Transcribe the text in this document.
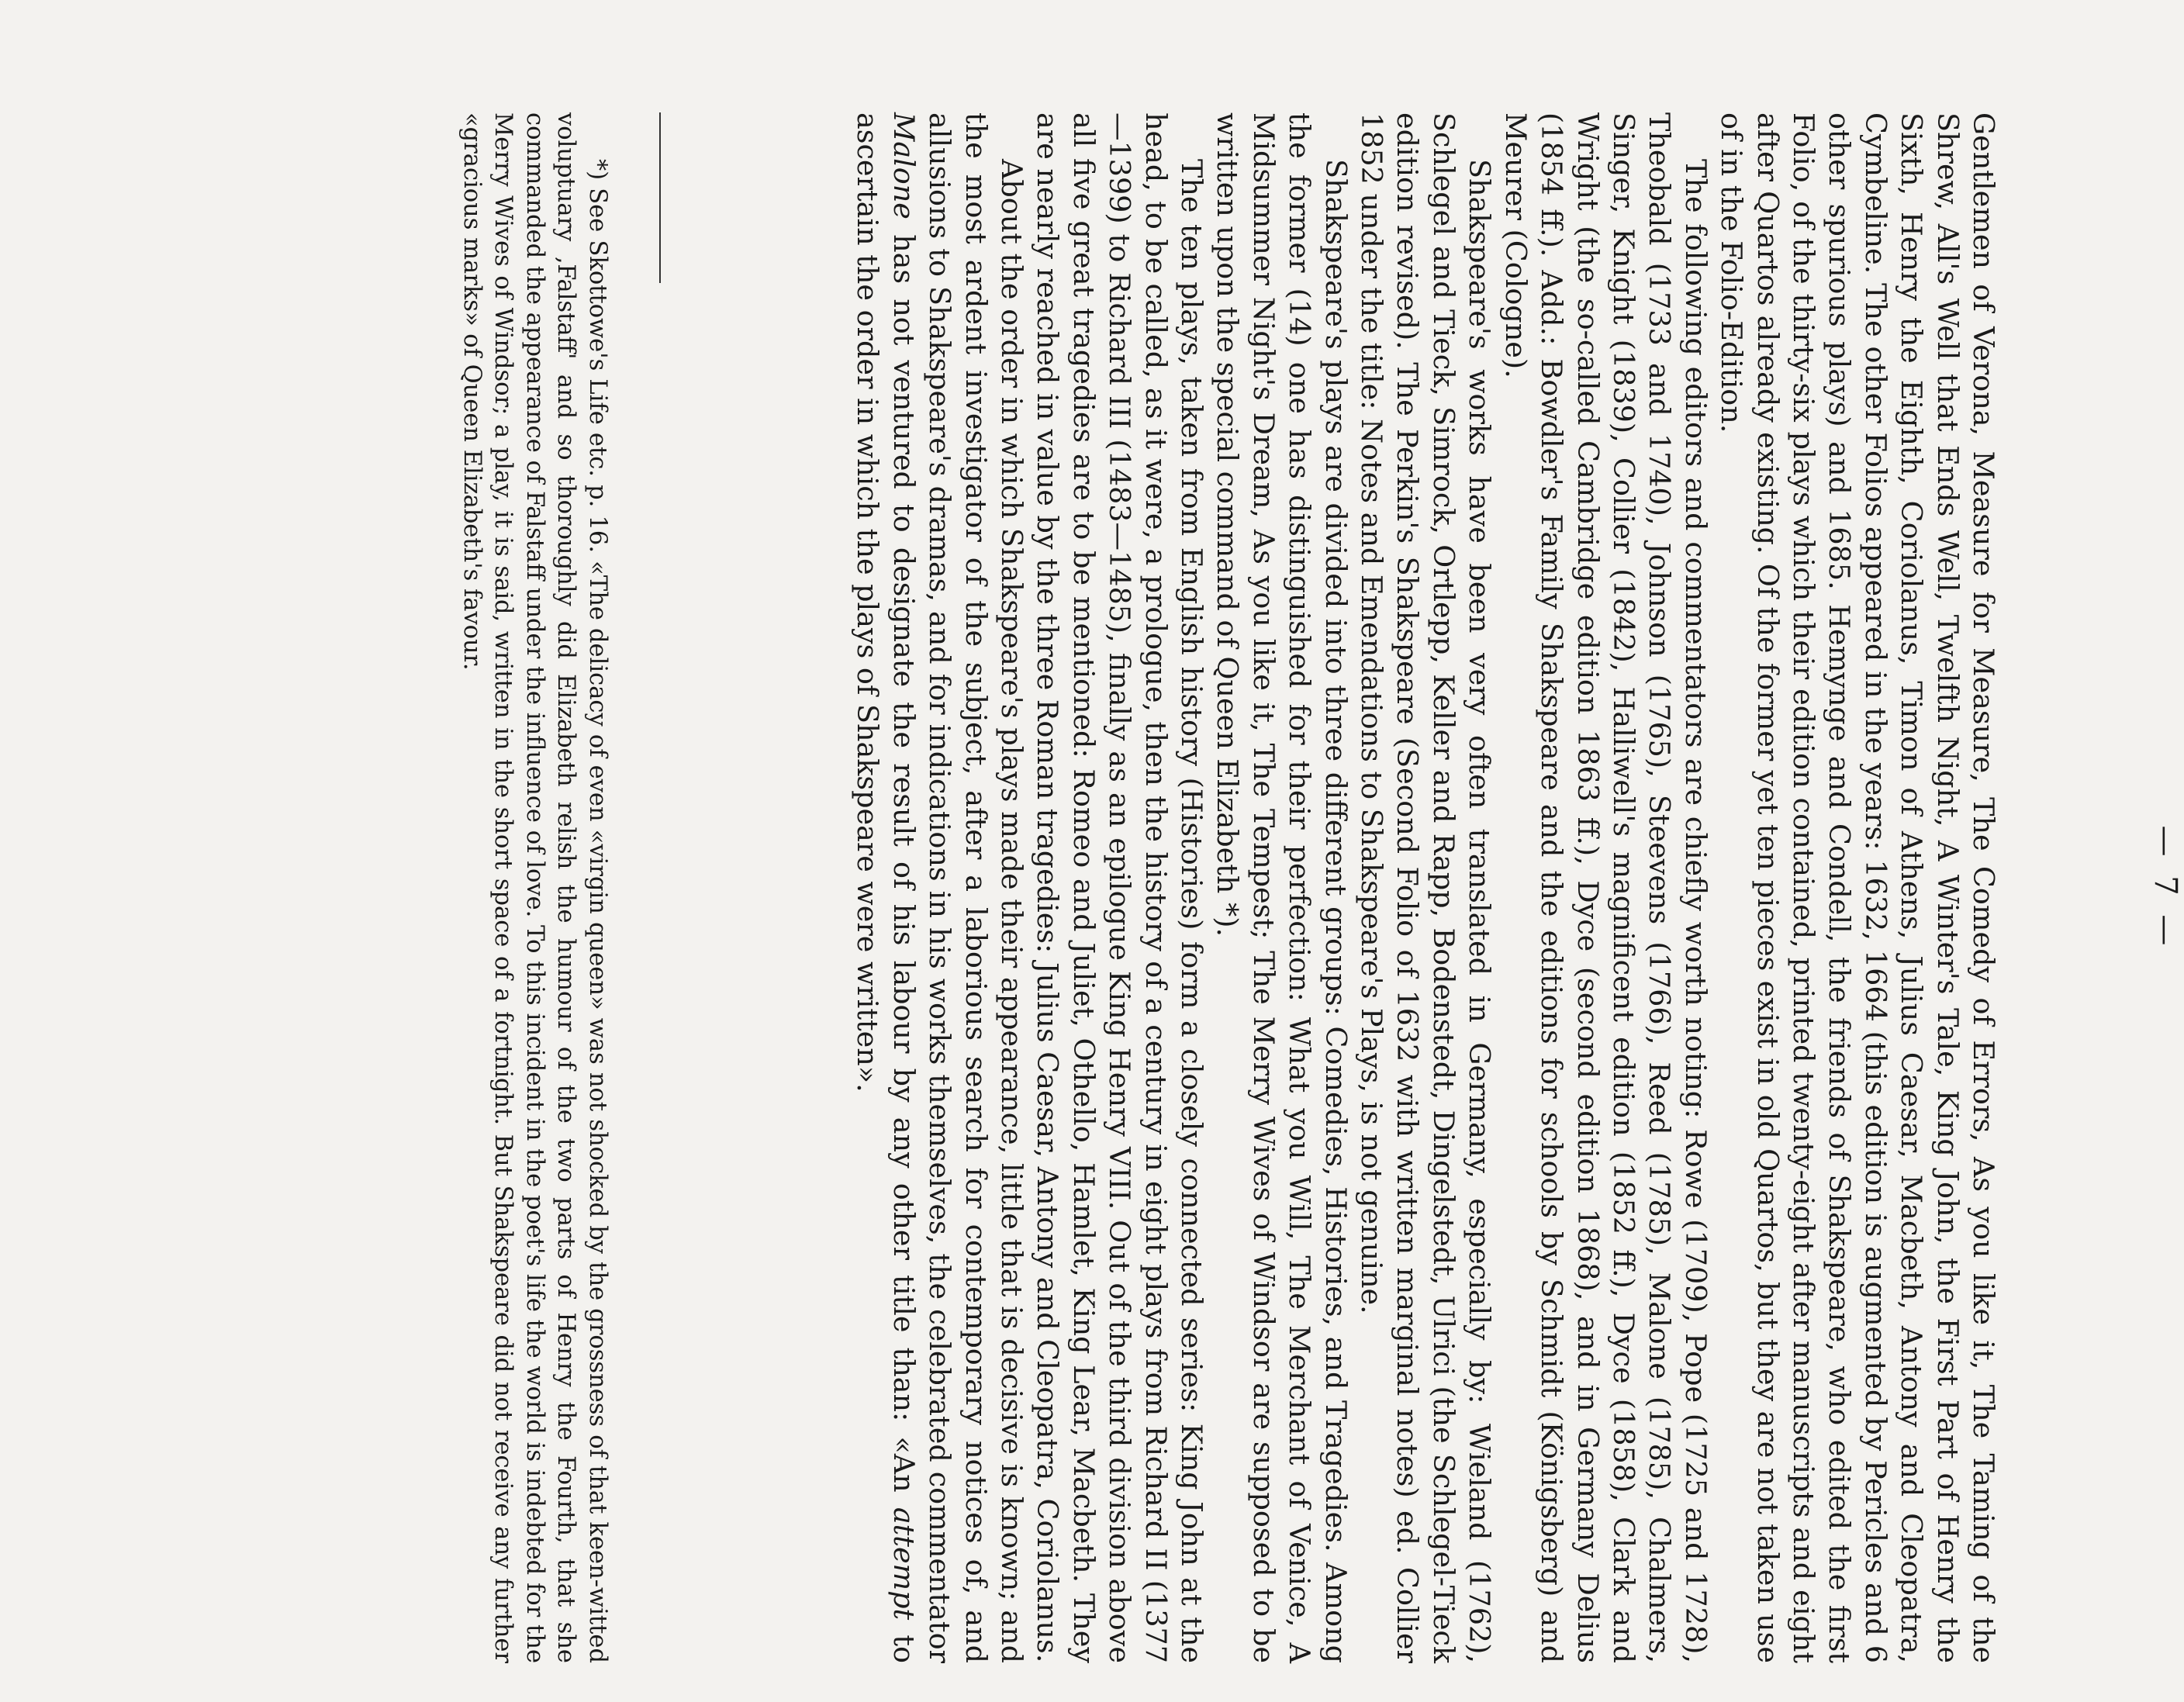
— 7 —

Gentlemen of Verona, Measure for Measure, The Comedy of Errors, As you like it, The Taming of the Shrew, All's Well that Ends Well, Twelfth Night, A Winter's Tale, King John, the First Part of Henry the Sixth, Henry the Eighth, Coriolanus, Timon of Athens, Julius Caesar, Macbeth, Antony and Cleopatra, Cymbeline. The other Folios appeared in the years: 1632, 1664 (this edition is augmented by Pericles and 6 other spurious plays) and 1685. Hemynge and Condell, the friends of Shakspeare, who edited the first Folio, of the thirty-six plays which their edition contained, printed twenty-eight after manuscripts and eight after Quartos already existing. Of the former yet ten pieces exist in old Quartos, but they are not taken use of in the Folio-Edition.

The following editors and commentators are chiefly worth noting: Rowe (1709), Pope (1725 and 1728), Theobald (1733 and 1740), Johnson (1765), Steevens (1766), Reed (1785), Malone (1785), Chalmers, Singer, Knight (1839), Collier (1842), Halliwell's magnificent edition (1852 ff.), Dyce (1858), Clark and Wright (the so-called Cambridge edition 1863 ff.), Dyce (second edition 1868), and in Germany Delius (1854 ff.). Add.: Bowdler's Family Shakspeare and the editions for schools by Schmidt (Königsberg) and Meurer (Cologne).

Shakspeare's works have been very often translated in Germany, especially by: Wieland (1762), Schlegel and Tieck, Simrock, Ortlepp, Keller and Rapp, Bodenstedt, Dingelstedt, Ulrici (the Schlegel-Tieck edition revised). The Perkin's Shakspeare (Second Folio of 1632 with written marginal notes) ed. Collier 1852 under the title: Notes and Emendations to Shakspeare's Plays, is not genuine.

Shakspeare's plays are divided into three different groups: Comedies, Histories, and Tragedies. Among the former (14) one has distinguished for their perfection: What you Will, The Merchant of Venice, A Midsummer Night's Dream, As you like it, The Tempest; The Merry Wives of Windsor are supposed to be written upon the special command of Queen Elizabeth *).

The ten plays, taken from English history (Histories) form a closely connected series: King John at the head, to be called, as it were, a prologue, then the history of a century in eight plays from Richard II (1377—1399) to Richard III (1483—1485), finally as an epilogue King Henry VIII. Out of the third division above all five great tragedies are to be mentioned: Romeo and Juliet, Othello, Hamlet, King Lear, Macbeth. They are nearly reached in value by the three Roman tragedies: Julius Caesar, Antony and Cleopatra, Coriolanus.

About the order in which Shakspeare's plays made their appearance, little that is decisive is known; and the most ardent investigator of the subject, after a laborious search for contemporary notices of, and allusions to Shakspeare's dramas, and for indications in his works themselves, the celebrated commentator Malone has not ventured to designate the result of his labour by any other title than: «An attempt to ascertain the order in which the plays of Shakspeare were written».

*) See Skottowe's Life etc. p. 16. «The delicacy of even «virgin queen» was not shocked by the grossness of that keen-witted voluptuary ‚Falstaff' and so thoroughly did Elizabeth relish the humour of the two parts of Henry the Fourth, that she commanded the appearance of Falstaff under the influence of love. To this incident in the poet's life the world is indebted for the Merry Wives of Windsor; a play, it is said, written in the short space of a fortnight. But Shakspeare did not receive any further «gracious marks» of Queen Elizabeth's favour.
